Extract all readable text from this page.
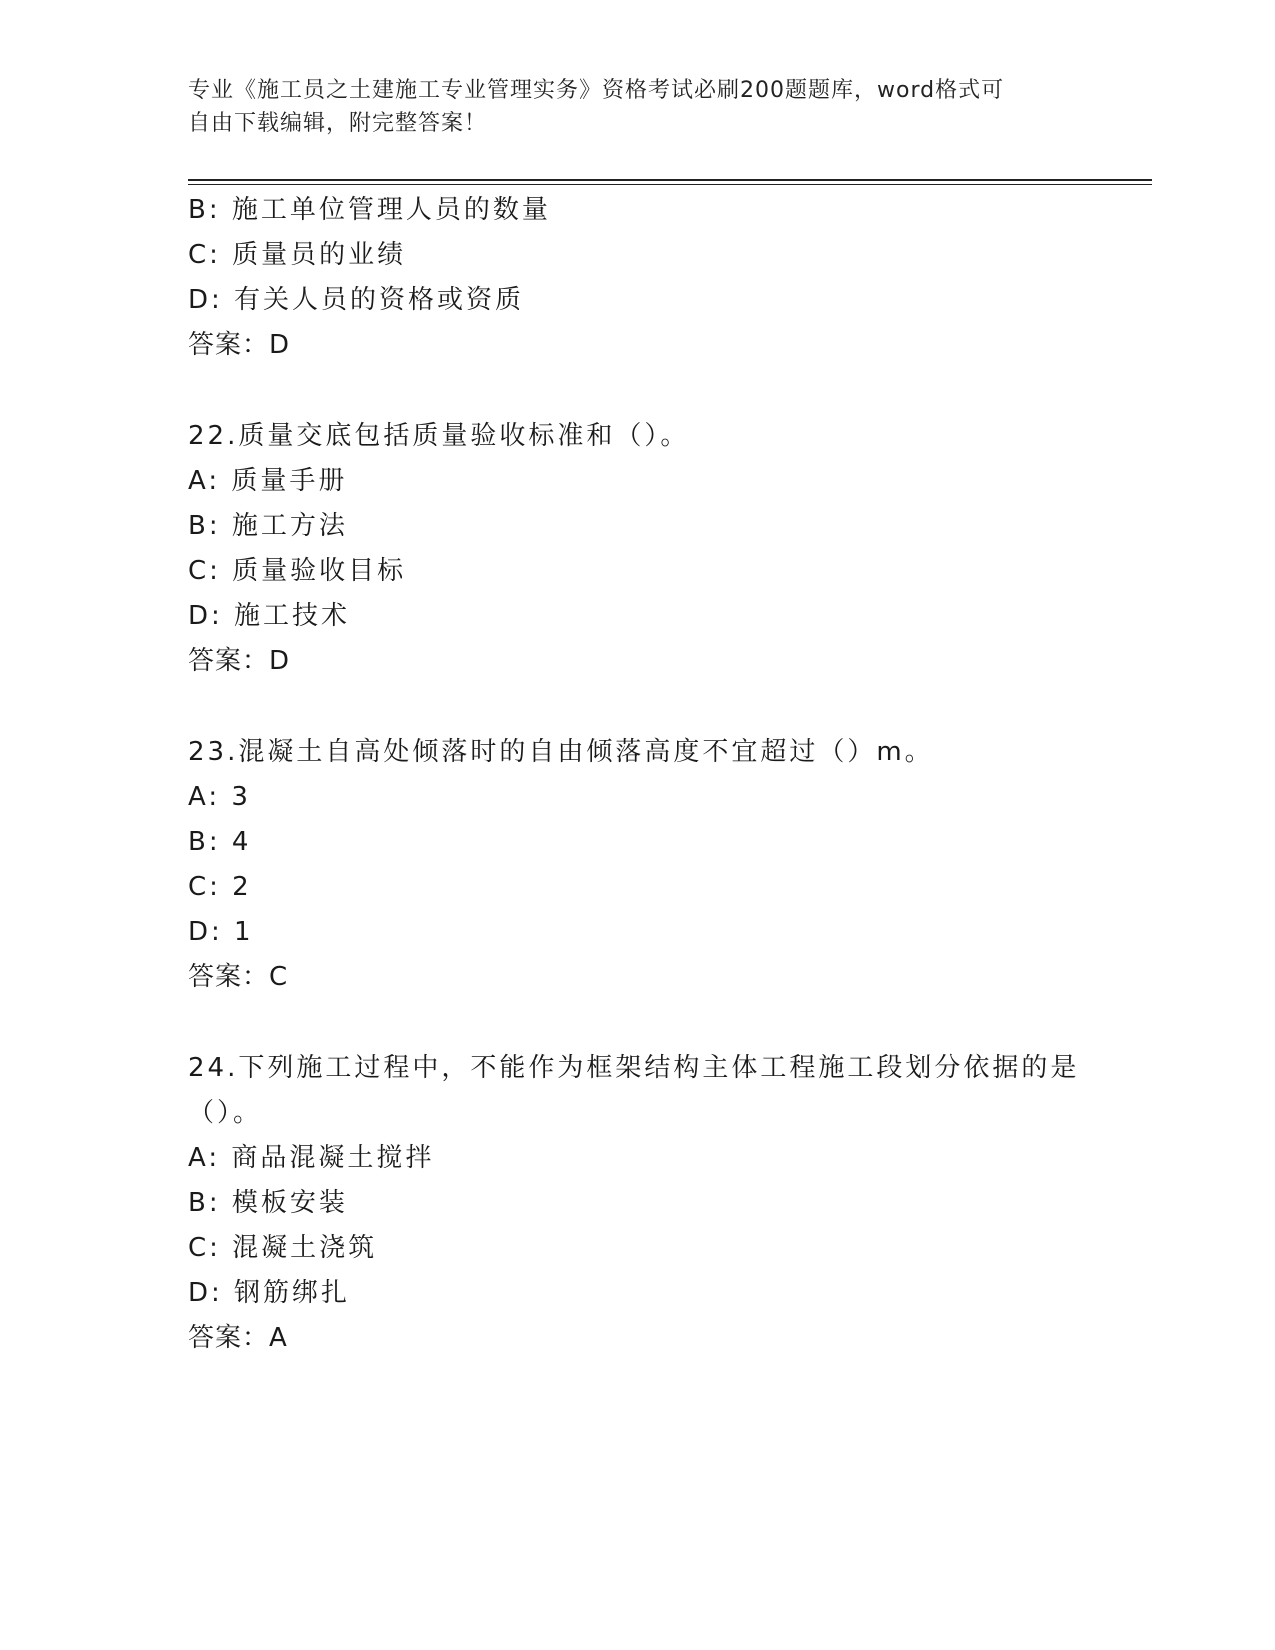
专业《施工员之土建施工专业管理实务》资格考试必刷200题题库，word格式可
自由下载编辑，附完整答案！
B: 施工单位管理人员的数量
C: 质量员的业绩
D: 有关人员的资格或资质
答案：D
22.质量交底包括质量验收标准和（）。
A: 质量手册
B: 施工方法
C: 质量验收目标
D: 施工技术
答案：D
23.混凝土自高处倾落时的自由倾落高度不宜超过（）m。
A: 3
B: 4
C: 2
D: 1
答案：C
24.下列施工过程中，不能作为框架结构主体工程施工段划分依据的是
（）。
A: 商品混凝土搅拌
B: 模板安装
C: 混凝土浇筑
D: 钢筋绑扎
答案：A
